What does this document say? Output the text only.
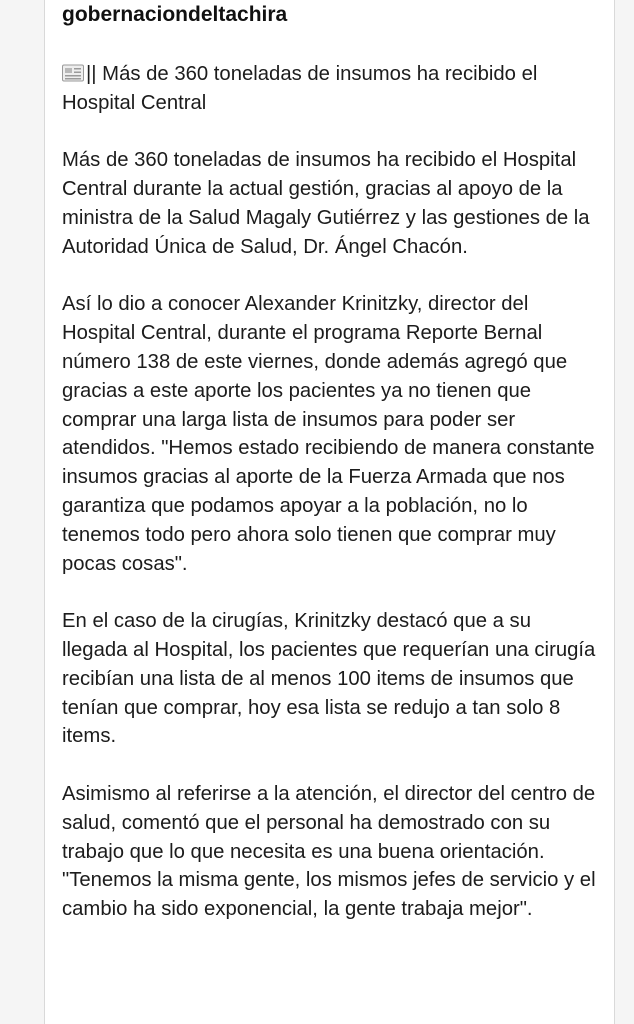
gobernaciondeltachira

|| Más de 360 toneladas de insumos ha recibido el Hospital Central

Más de 360 toneladas de insumos ha recibido el Hospital Central durante la actual gestión, gracias al apoyo de la ministra de la Salud Magaly Gutiérrez y las gestiones de la Autoridad Única de Salud, Dr. Ángel Chacón.

Así lo dio a conocer Alexander Krinitzky, director del Hospital Central, durante el programa Reporte Bernal número 138 de este viernes, donde además agregó que gracias a este aporte los pacientes ya no tienen que comprar una larga lista de insumos para poder ser atendidos. "Hemos estado recibiendo de manera constante insumos gracias al aporte de la Fuerza Armada que nos garantiza que podamos apoyar a la población, no lo tenemos todo pero ahora solo tienen que comprar muy pocas cosas".

En el caso de la cirugías, Krinitzky destacó que a su llegada al Hospital, los pacientes que requerían una cirugía recibían una lista de al menos 100 items de insumos que tenían que comprar, hoy esa lista se redujo a tan solo 8 items.

Asimismo al referirse a la atención, el director del centro de salud, comentó que el personal ha demostrado con su trabajo que lo que necesita es una buena orientación. "Tenemos la misma gente, los mismos jefes de servicio y el cambio ha sido exponencial, la gente trabaja mejor".
